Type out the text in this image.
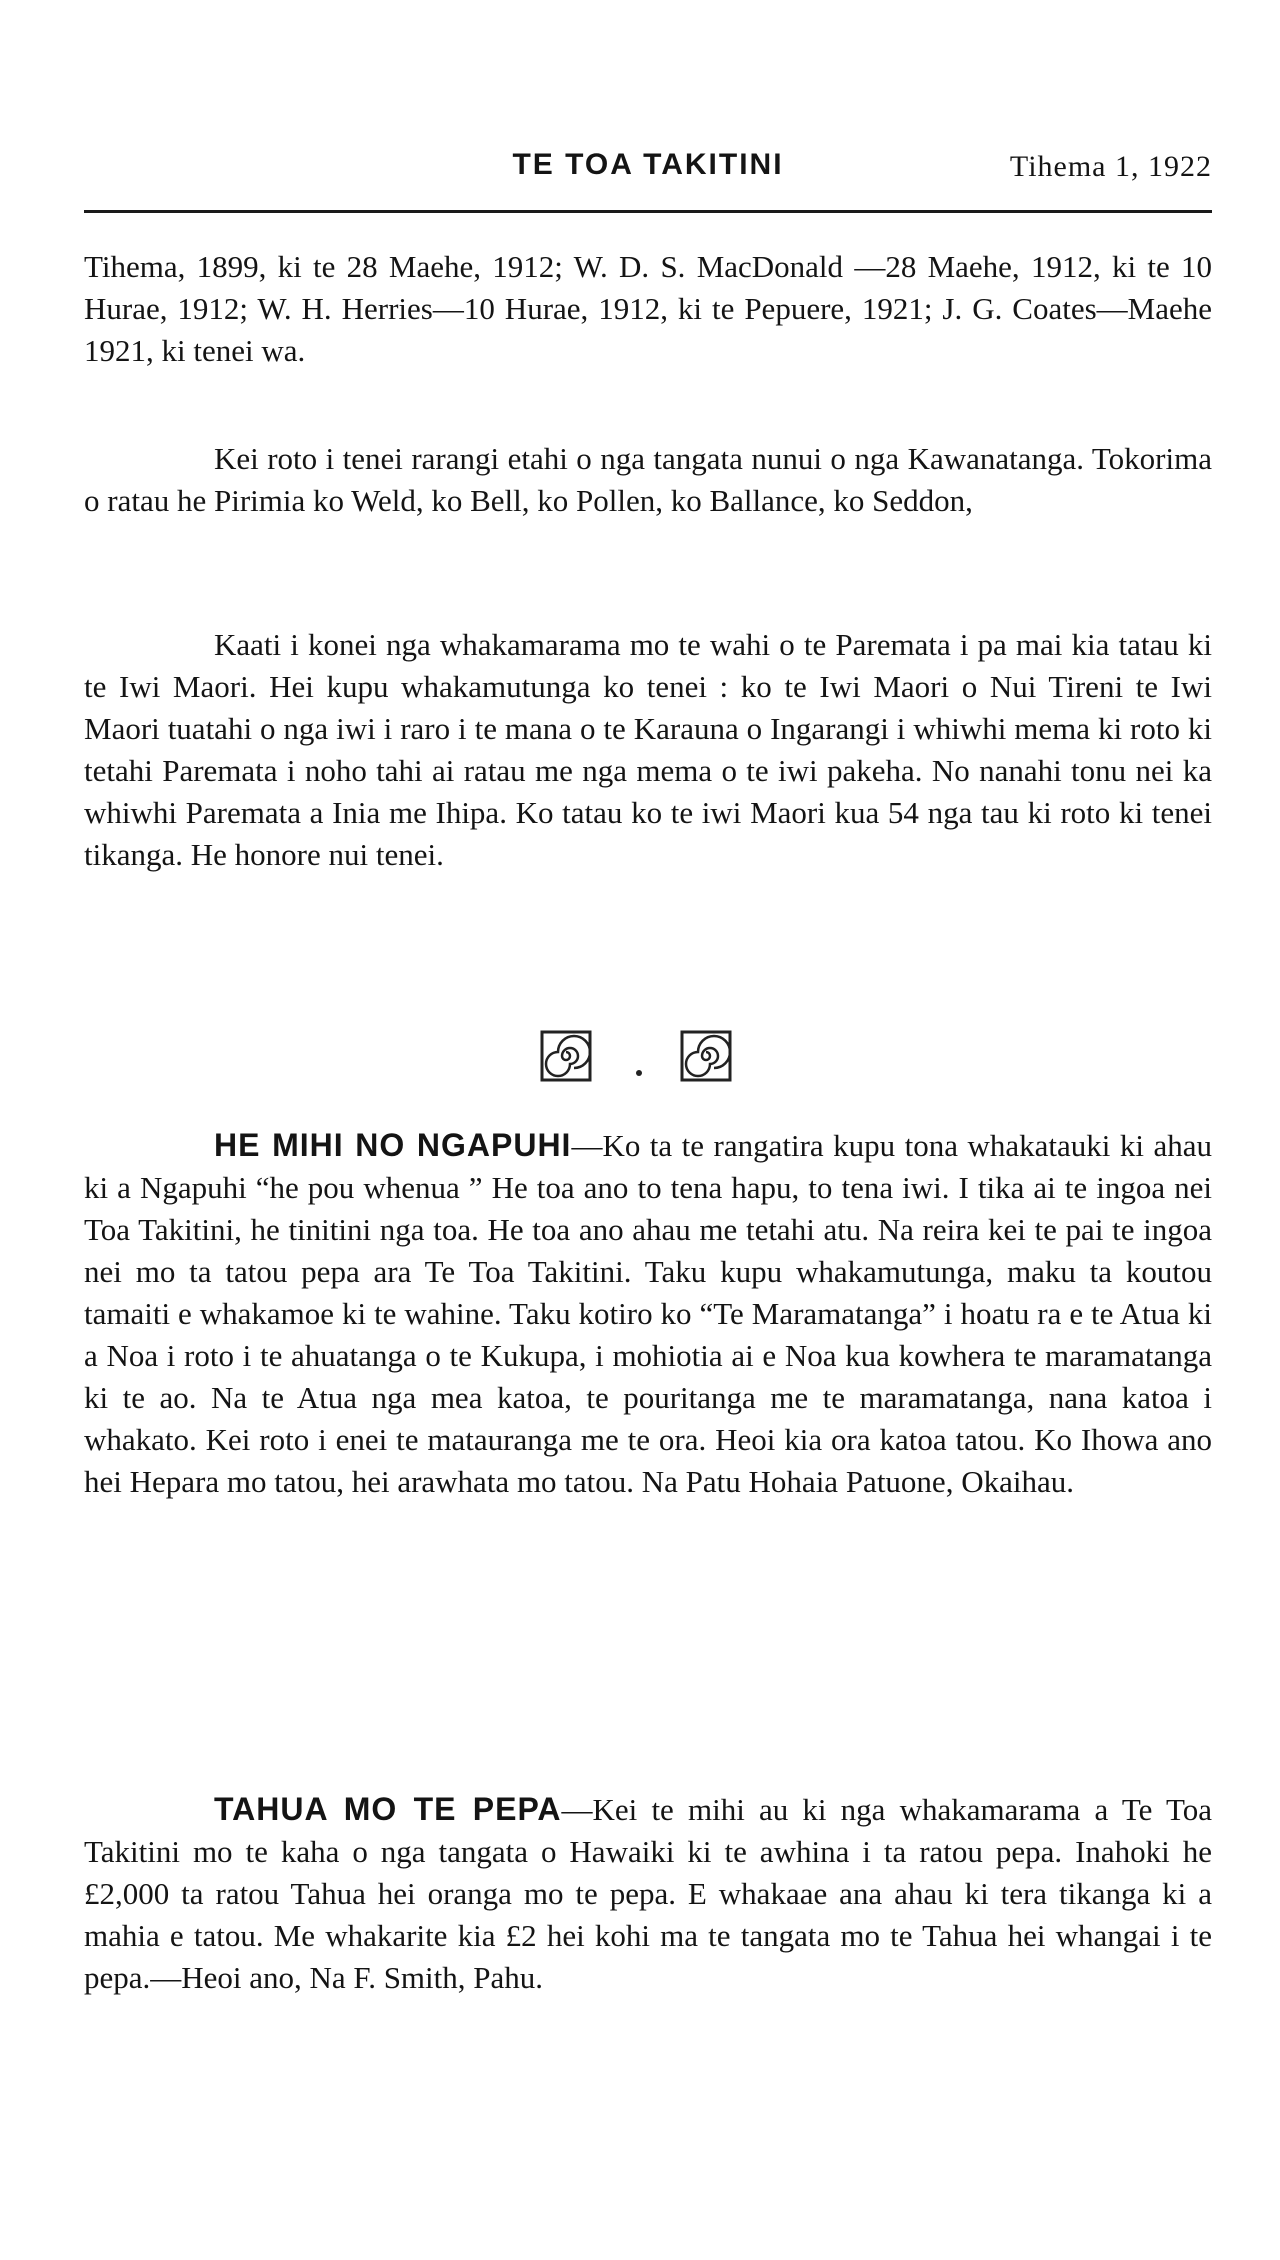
TE TOA TAKITINI	Tihema 1, 1922

Tihema, 1899, ki te 28 Maehe, 1912; W. D. S. MacDonald —28 Maehe, 1912, ki te 10 Hurae, 1912; W. H. Herries—10 Hurae, 1912, ki te Pepuere, 1921; J. G. Coates—Maehe 1921, ki tenei wa.

Kei roto i tenei rarangi etahi o nga tangata nunui o nga Kawanatanga. Tokorima o ratau he Pirimia ko Weld, ko Bell, ko Pollen, ko Ballance, ko Seddon,

Kaati i konei nga whakamarama mo te wahi o te Paremata i pa mai kia tatau ki te Iwi Maori. Hei kupu whakamutunga ko tenei : ko te Iwi Maori o Nui Tireni te Iwi Maori tuatahi o nga iwi i raro i te mana o te Karauna o Ingarangi i whiwhi mema ki roto ki tetahi Paremata i noho tahi ai ratau me nga mema o te iwi pakeha. No nanahi tonu nei ka whiwhi Paremata a Inia me Ihipa. Ko tatau ko te iwi Maori kua 54 nga tau ki roto ki tenei tikanga. He honore nui tenei.

HE MIHI NO NGAPUHI—Ko ta te rangatira kupu tona whakatauki ki ahau ki a Ngapuhi “he pou whenua ” He toa ano to tena hapu, to tena iwi. I tika ai te ingoa nei Toa Takitini, he tinitini nga toa. He toa ano ahau me tetahi atu. Na reira kei te pai te ingoa nei mo ta tatou pepa ara Te Toa Takitini. Taku kupu whakamutunga, maku ta koutou tamaiti e whakamoe ki te wahine. Taku kotiro ko “Te Maramatanga” i hoatu ra e te Atua ki a Noa i roto i te ahuatanga o te Kukupa, i mohiotia ai e Noa kua kowhera te maramatanga ki te ao. Na te Atua nga mea katoa, te pouritanga me te maramatanga, nana katoa i whakato. Kei roto i enei te matauranga me te ora. Heoi kia ora katoa tatou. Ko Ihowa ano hei Hepara mo tatou, hei arawhata mo tatou. Na Patu Hohaia Patuone, Okaihau.

TAHUA MO TE PEPA—Kei te mihi au ki nga whakamarama a Te Toa Takitini mo te kaha o nga tangata o Hawaiki ki te awhina i ta ratou pepa. Inahoki he £2,000 ta ratou Tahua hei oranga mo te pepa. E whakaae ana ahau ki tera tikanga ki a mahia e tatou. Me whakarite kia £2 hei kohi ma te tangata mo te Tahua hei whangai i te pepa.—Heoi ano, Na F. Smith, Pahu.
